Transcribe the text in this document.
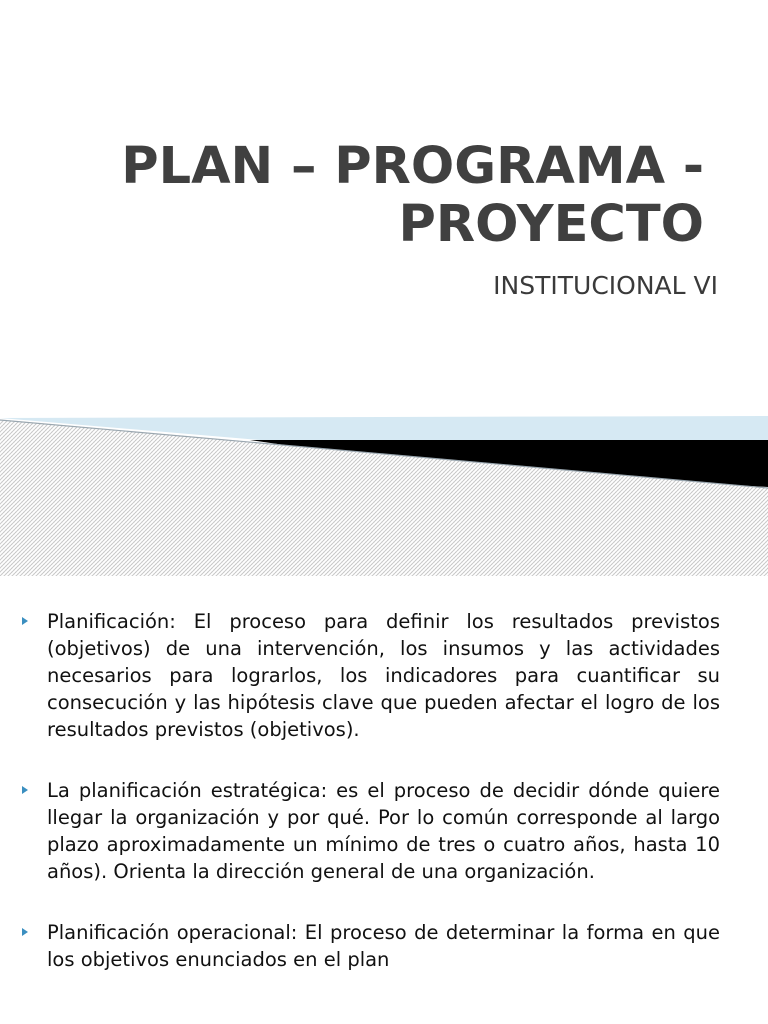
PLAN – PROGRAMA -
PROYECTO
INSTITUCIONAL VI
Planificación: El proceso para definir los resultados previstos (objetivos) de una intervención, los insumos y las actividades necesarios para lograrlos, los indicadores para cuantificar su consecución y las hipótesis clave que pueden afectar el logro de los resultados previstos (objetivos).
La planificación estratégica: es el proceso de decidir dónde quiere llegar la organización y por qué. Por lo común corresponde al largo plazo aproximadamente un mínimo de tres o cuatro años, hasta 10 años). Orienta la dirección general de una organización.
Planificación operacional: El proceso de determinar la forma en que los objetivos enunciados en el plan
